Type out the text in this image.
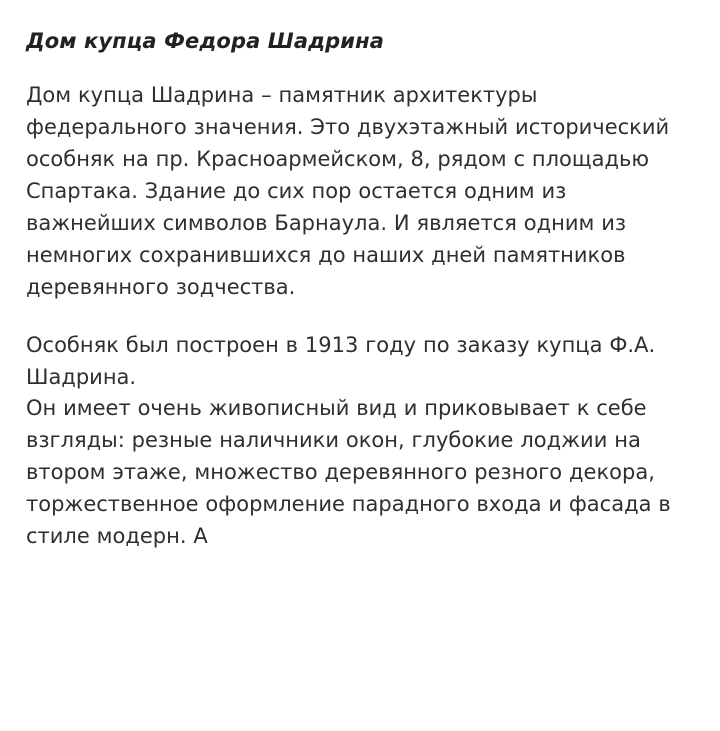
Дом купца Федора Шадрина

Дом купца Шадрина – памятник архитектуры федерального значения. Это двухэтажный исторический особняк на пр. Красноармейском, 8, рядом с площадью Спартака. Здание до сих пор остается одним из важнейших символов Барнаула. И является одним из немногих сохранившихся до наших дней памятников деревянного зодчества.

Особняк был построен в 1913 году по заказу купца Ф.А. Шадрина.

Он имеет очень живописный вид и приковывает к себе взгляды: резные наличники окон, глубокие лоджии на втором этаже, множество деревянного резного декора, торжественное оформление парадного входа и фасада в стиле модерн. А
